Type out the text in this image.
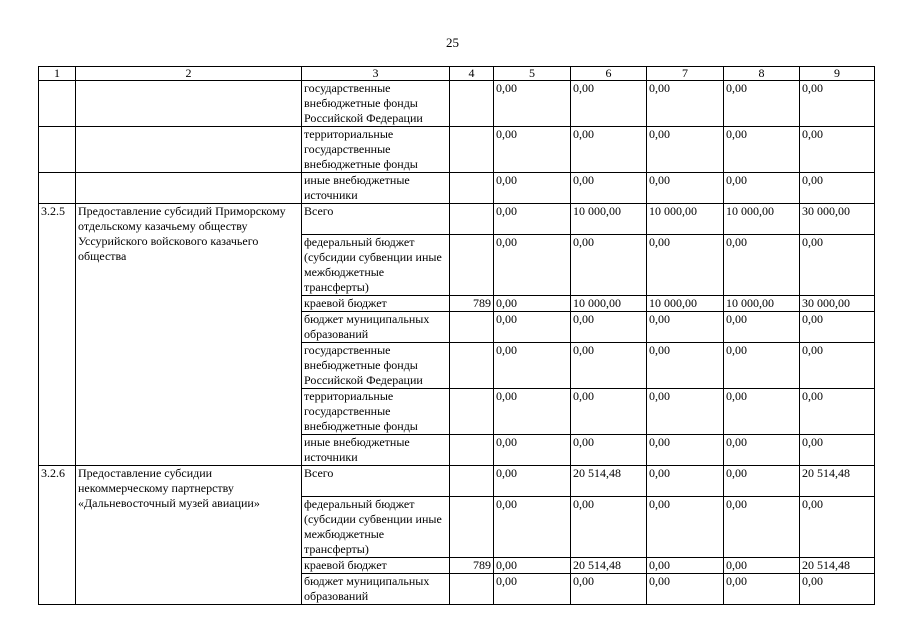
25
1	2	3	4	5	6	7	8	9
		государственные внебюджетные фонды Российской Федерации		0,00	0,00	0,00	0,00	0,00
		территориальные государственные внебюджетные фонды		0,00	0,00	0,00	0,00	0,00
		иные внебюджетные источники		0,00	0,00	0,00	0,00	0,00
3.2.5	Предоставление субсидий Приморскому отдельскому казачьему обществу Уссурийского войскового казачьего общества	Всего		0,00	10 000,00	10 000,00	10 000,00	30 000,00
		федеральный бюджет (субсидии субвенции иные межбюджетные трансферты)		0,00	0,00	0,00	0,00	0,00
		краевой бюджет	789	0,00	10 000,00	10 000,00	10 000,00	30 000,00
		бюджет муниципальных образований		0,00	0,00	0,00	0,00	0,00
		государственные внебюджетные фонды Российской Федерации		0,00	0,00	0,00	0,00	0,00
		территориальные государственные внебюджетные фонды		0,00	0,00	0,00	0,00	0,00
		иные внебюджетные источники		0,00	0,00	0,00	0,00	0,00
3.2.6	Предоставление субсидии некоммерческому партнерству «Дальневосточный музей авиации»	Всего		0,00	20 514,48	0,00	0,00	20 514,48
		федеральный бюджет (субсидии субвенции иные межбюджетные трансферты)		0,00	0,00	0,00	0,00	0,00
		краевой бюджет	789	0,00	20 514,48	0,00	0,00	20 514,48
		бюджет муниципальных образований		0,00	0,00	0,00	0,00	0,00
